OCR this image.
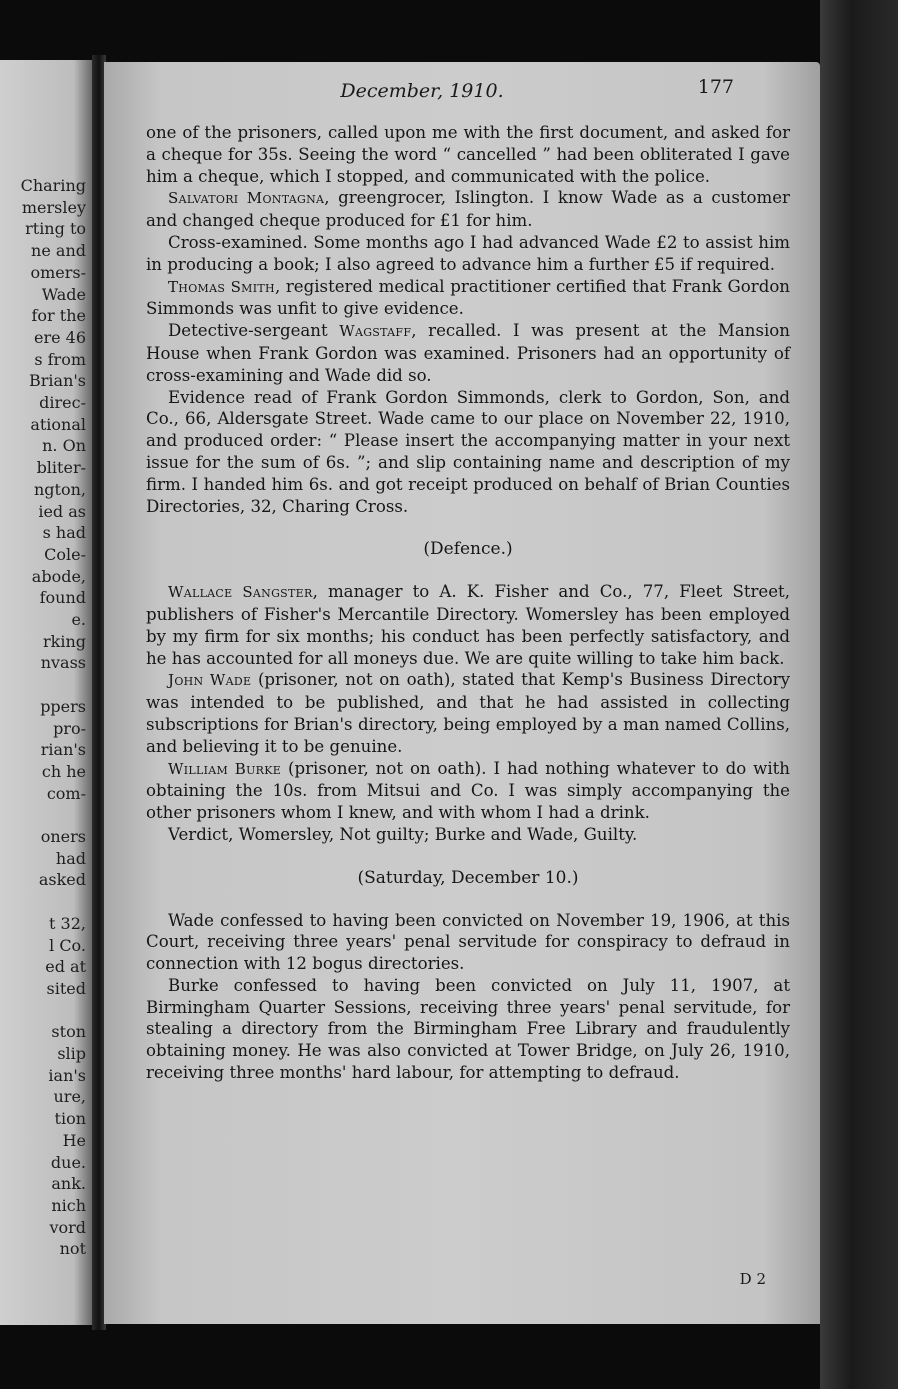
Charing
mersley
rting to
ne and
omers-
Wade
for the
ere 46
s from
Brian's
direc-
ational
n. On
bliter-
ngton,
ied as
s had
Cole-
abode,
found
e.
rking
nvass
ppers
pro-
rian's
ch he
com-
oners
had
asked
t 32,
l Co.
ed at
sited
ston
slip
ian's
ure,
tion
He
due.
ank.
nich
vord
not
December, 1910.	177

one of the prisoners, called upon me with the first document, and asked for a cheque for 35s. Seeing the word “ cancelled ” had been obliterated I gave him a cheque, which I stopped, and communicated with the police.

Salvatori Montagna, greengrocer, Islington. I know Wade as a customer and changed cheque produced for £1 for him.

Cross-examined. Some months ago I had advanced Wade £2 to assist him in producing a book; I also agreed to advance him a further £5 if required.

Thomas Smith, registered medical practitioner certified that Frank Gordon Simmonds was unfit to give evidence.

Detective-sergeant Wagstaff, recalled. I was present at the Mansion House when Frank Gordon was examined. Prisoners had an opportunity of cross-examining and Wade did so.

Evidence read of Frank Gordon Simmonds, clerk to Gordon, Son, and Co., 66, Aldersgate Street. Wade came to our place on November 22, 1910, and produced order: “ Please insert the accompanying matter in your next issue for the sum of 6s. ”; and slip containing name and description of my firm. I handed him 6s. and got receipt produced on behalf of Brian Counties Directories, 32, Charing Cross.

(Defence.)

Wallace Sangster, manager to A. K. Fisher and Co., 77, Fleet Street, publishers of Fisher's Mercantile Directory. Womersley has been employed by my firm for six months; his conduct has been perfectly satisfactory, and he has accounted for all moneys due. We are quite willing to take him back.

John Wade (prisoner, not on oath), stated that Kemp's Business Directory was intended to be published, and that he had assisted in collecting subscriptions for Brian's directory, being employed by a man named Collins, and believing it to be genuine.

William Burke (prisoner, not on oath). I had nothing whatever to do with obtaining the 10s. from Mitsui and Co. I was simply accompanying the other prisoners whom I knew, and with whom I had a drink.

Verdict, Womersley, Not guilty; Burke and Wade, Guilty.

(Saturday, December 10.)

Wade confessed to having been convicted on November 19, 1906, at this Court, receiving three years' penal servitude for conspiracy to defraud in connection with 12 bogus directories.

Burke confessed to having been convicted on July 11, 1907, at Birmingham Quarter Sessions, receiving three years' penal servitude, for stealing a directory from the Birmingham Free Library and fraudulently obtaining money. He was also convicted at Tower Bridge, on July 26, 1910, receiving three months' hard labour, for attempting to defraud.

D 2
